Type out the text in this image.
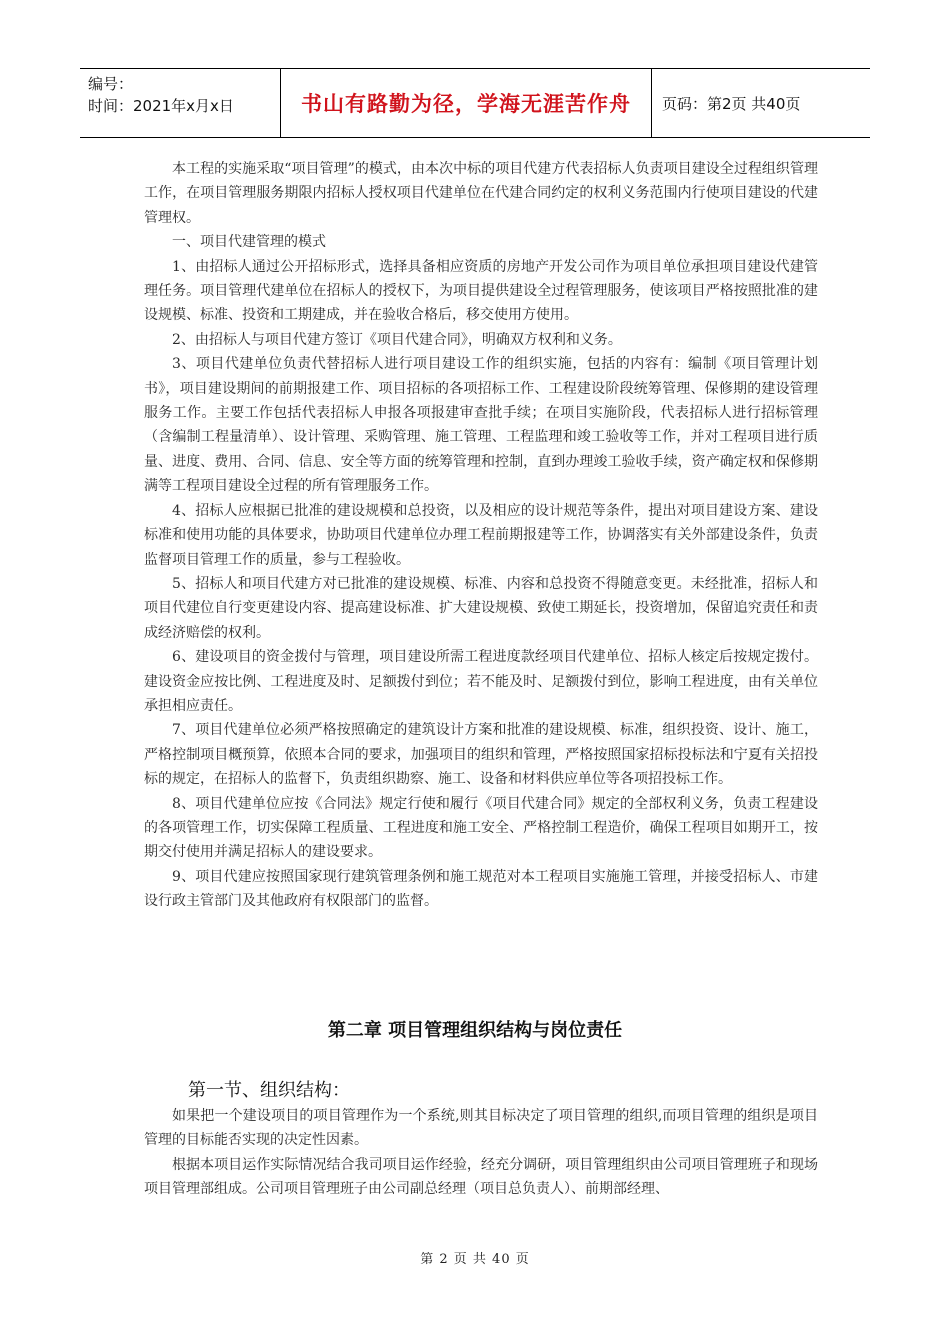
编号：
时间：2021年x月x日	书山有路勤为径，学海无涯苦作舟	页码：第2页 共40页

本工程的实施采取“项目管理”的模式，由本次中标的项目代建方代表招标人负责项目建设全过程组织管理工作，在项目管理服务期限内招标人授权项目代建单位在代建合同约定的权利义务范围内行使项目建设的代建管理权。

一、项目代建管理的模式

1、由招标人通过公开招标形式，选择具备相应资质的房地产开发公司作为项目单位承担项目建设代建管理任务。项目管理代建单位在招标人的授权下，为项目提供建设全过程管理服务，使该项目严格按照批准的建设规模、标准、投资和工期建成，并在验收合格后，移交使用方使用。

2、由招标人与项目代建方签订《项目代建合同》，明确双方权利和义务。

3、项目代建单位负责代替招标人进行项目建设工作的组织实施，包括的内容有：编制《项目管理计划书》，项目建设期间的前期报建工作、项目招标的各项招标工作、工程建设阶段统筹管理、保修期的建设管理服务工作。主要工作包括代表招标人申报各项报建审查批手续；在项目实施阶段，代表招标人进行招标管理（含编制工程量清单）、设计管理、采购管理、施工管理、工程监理和竣工验收等工作，并对工程项目进行质量、进度、费用、合同、信息、安全等方面的统筹管理和控制，直到办理竣工验收手续，资产确定权和保修期满等工程项目建设全过程的所有管理服务工作。

4、招标人应根据已批准的建设规模和总投资，以及相应的设计规范等条件，提出对项目建设方案、建设标准和使用功能的具体要求，协助项目代建单位办理工程前期报建等工作，协调落实有关外部建设条件，负责监督项目管理工作的质量，参与工程验收。

5、招标人和项目代建方对已批准的建设规模、标准、内容和总投资不得随意变更。未经批准，招标人和项目代建位自行变更建设内容、提高建设标准、扩大建设规模、致使工期延长，投资增加，保留追究责任和责成经济赔偿的权利。

6、建设项目的资金拨付与管理，项目建设所需工程进度款经项目代建单位、招标人核定后按规定拨付。建设资金应按比例、工程进度及时、足额拨付到位；若不能及时、足额拨付到位，影响工程进度，由有关单位承担相应责任。

7、项目代建单位必须严格按照确定的建筑设计方案和批准的建设规模、标准，组织投资、设计、施工，严格控制项目概预算，依照本合同的要求，加强项目的组织和管理，严格按照国家招标投标法和宁夏有关招投标的规定，在招标人的监督下，负责组织勘察、施工、设备和材料供应单位等各项招投标工作。

8、项目代建单位应按《合同法》规定行使和履行《项目代建合同》规定的全部权利义务，负责工程建设的各项管理工作，切实保障工程质量、工程进度和施工安全、严格控制工程造价，确保工程项目如期开工，按期交付使用并满足招标人的建设要求。

9、项目代建应按照国家现行建筑管理条例和施工规范对本工程项目实施施工管理，并接受招标人、市建设行政主管部门及其他政府有权限部门的监督。

第二章 项目管理组织结构与岗位责任
第一节、组织结构：

如果把一个建设项目的项目管理作为一个系统,则其目标决定了项目管理的组织,而项目管理的组织是项目管理的目标能否实现的决定性因素。

根据本项目运作实际情况结合我司项目运作经验，经充分调研，项目管理组织由公司项目管理班子和现场项目管理部组成。公司项目管理班子由公司副总经理（项目总负责人）、前期部经理、

第 2 页 共 40 页
